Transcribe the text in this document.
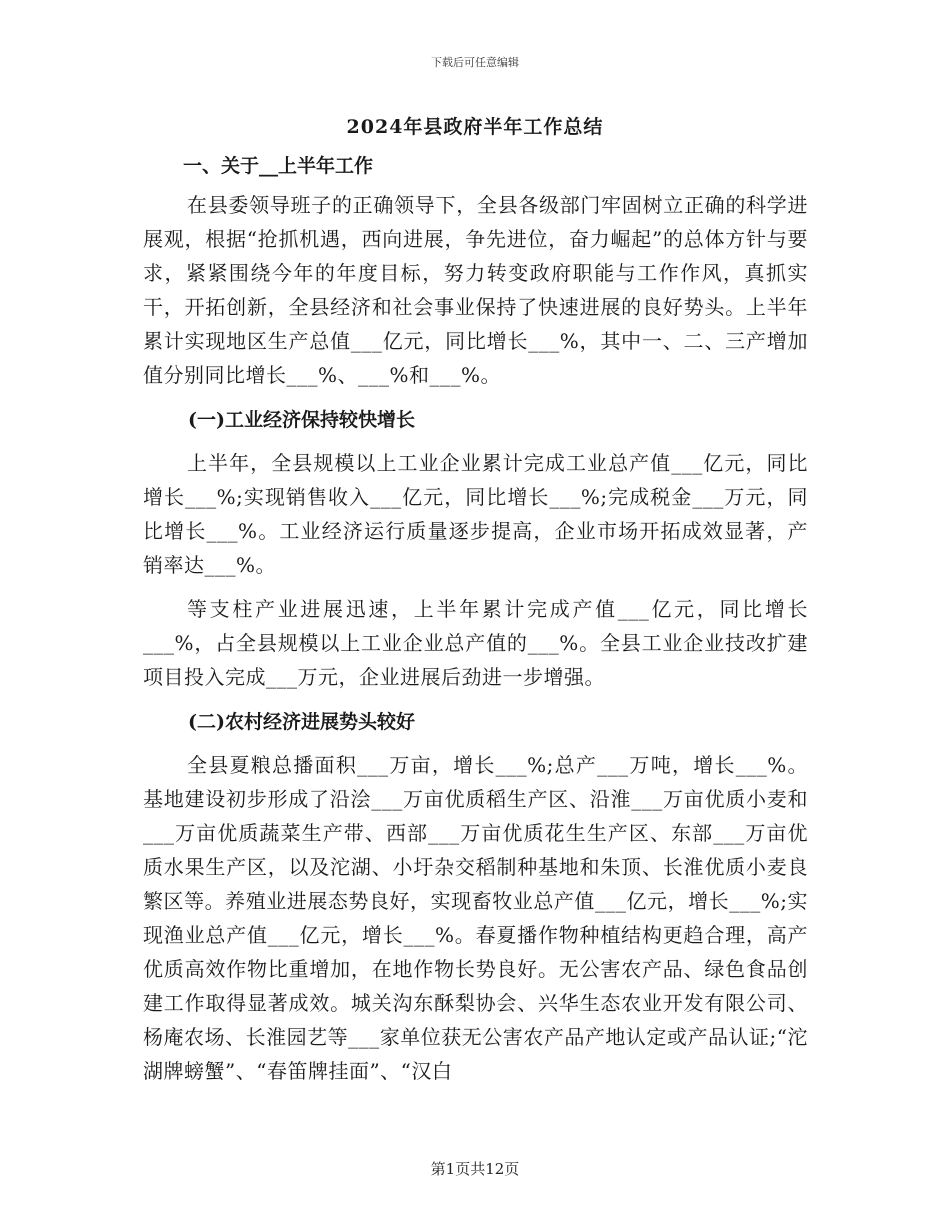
下载后可任意编辑
2024年县政府半年工作总结
一、关于__上半年工作

在县委领导班子的正确领导下，全县各级部门牢固树立正确的科学进展观，根据“抢抓机遇，西向进展，争先进位，奋力崛起”的总体方针与要求，紧紧围绕今年的年度目标，努力转变政府职能与工作作风，真抓实干，开拓创新，全县经济和社会事业保持了快速进展的良好势头。上半年累计实现地区生产总值___亿元，同比增长___%，其中一、二、三产增加值分别同比增长___%、___%和___%。

(一)工业经济保持较快增长

上半年，全县规模以上工业企业累计完成工业总产值___亿元，同比增长___%;实现销售收入___亿元，同比增长___%;完成税金___万元，同比增长___%。工业经济运行质量逐步提高，企业市场开拓成效显著，产销率达___%。

等支柱产业进展迅速，上半年累计完成产值___亿元，同比增长___%，占全县规模以上工业企业总产值的___%。全县工业企业技改扩建项目投入完成___万元，企业进展后劲进一步增强。

(二)农村经济进展势头较好

全县夏粮总播面积___万亩，增长___%;总产___万吨，增长___%。基地建设初步形成了沿浍___万亩优质稻生产区、沿淮___万亩优质小麦和___万亩优质蔬菜生产带、西部___万亩优质花生生产区、东部___万亩优质水果生产区，以及沱湖、小圩杂交稻制种基地和朱顶、长淮优质小麦良繁区等。养殖业进展态势良好，实现畜牧业总产值___亿元，增长___%;实现渔业总产值___亿元，增长___%。春夏播作物种植结构更趋合理，高产优质高效作物比重增加，在地作物长势良好。无公害农产品、绿色食品创建工作取得显著成效。城关沟东酥梨协会、兴华生态农业开发有限公司、杨庵农场、长淮园艺等___家单位获无公害农产品产地认定或产品认证;“沱湖牌螃蟹”、“春笛牌挂面”、“汉白

第1页共12页
